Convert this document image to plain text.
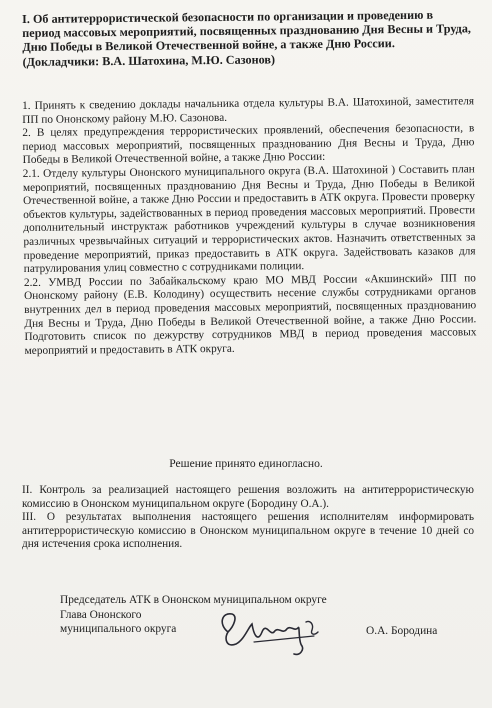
I. Об антитеррористической безопасности по организации и проведению в период массовых мероприятий, посвященных празднованию Дня Весны и Труда, Дню Победы в Великой Отечественной войне, а также Дню России.
(Докладчики: В.А. Шатохина, М.Ю. Сазонов)

1. Принять к сведению доклады начальника отдела культуры В.А. Шатохиной, заместителя ПП по Ононскому району М.Ю. Сазонова.

2. В целях предупреждения террористических проявлений, обеспечения безопасности, в период массовых мероприятий, посвященных празднованию Дня Весны и Труда, Дню Победы в Великой Отечественной войне, а также Дню России:

2.1. Отделу культуры Ононского муниципального округа (В.А. Шатохиной ) Составить план мероприятий, посвященных празднованию Дня Весны и Труда, Дню Победы в Великой Отечественной войне, а также Дню России и предоставить в АТК округа. Провести проверку объектов культуры, задействованных в период проведения массовых мероприятий. Провести дополнительный инструктаж работников учреждений культуры в случае возникновения различных чрезвычайных ситуаций и террористических актов. Назначить ответственных за проведение мероприятий, приказ предоставить в АТК округа. Задействовать казаков для патрулирования улиц совместно с сотрудниками полиции.

2.2. УМВД России по Забайкальскому краю МО МВД России «Акшинский» ПП по Ононскому району (Е.В. Колодину) осуществить несение службы сотрудниками органов внутренних дел в период проведения массовых мероприятий, посвященных празднованию Дня Весны и Труда, Дню Победы в Великой Отечественной войне, а также Дню России. Подготовить список по дежурству сотрудников МВД в период проведения массовых мероприятий и предоставить в АТК округа.

Решение принято единогласно.

II. Контроль за реализацией настоящего решения возложить на антитеррористическую комиссию в Ононском муниципальном округе (Бородину О.А.).

III. О результатах выполнения настоящего решения исполнителям информировать антитеррористическую комиссию в Ононском муниципальном округе в течение 10 дней со дня истечения срока исполнения.

Председатель АТК в Ононском муниципальном округе
Глава Ононского
муниципального округа	О.А. Бородина
